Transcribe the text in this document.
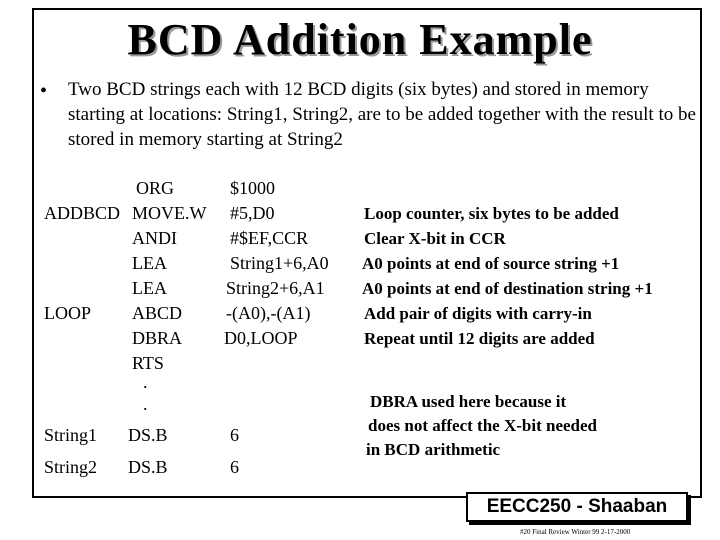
BCD Addition Example
• Two BCD strings each with 12 BCD digits (six bytes) and stored in memory starting at locations: String1, String2, are to be added together with the result to be stored in memory starting at String2
ORG	$1000
ADDBCD MOVE.W #5,D0	Loop counter, six bytes to be added
ANDI	#$EF,CCR	Clear X-bit in CCR
LEA	String1+6,A0 A0 points at end of source string +1
LEA	String2+6,A1 A0 points at end of destination string +1
LOOP ABCD -(A0),-(A1)	Add pair of digits with carry-in
DBRA D0,LOOP	Repeat until 12 digits are added
RTS
.
.
String1 DS.B	6
String2 DS.B	6
DBRA used here because it
does not affect the X-bit needed
in BCD arithmetic
EECC250 - Shaaban
#20 Final Review Winter 99 2-17-2000
